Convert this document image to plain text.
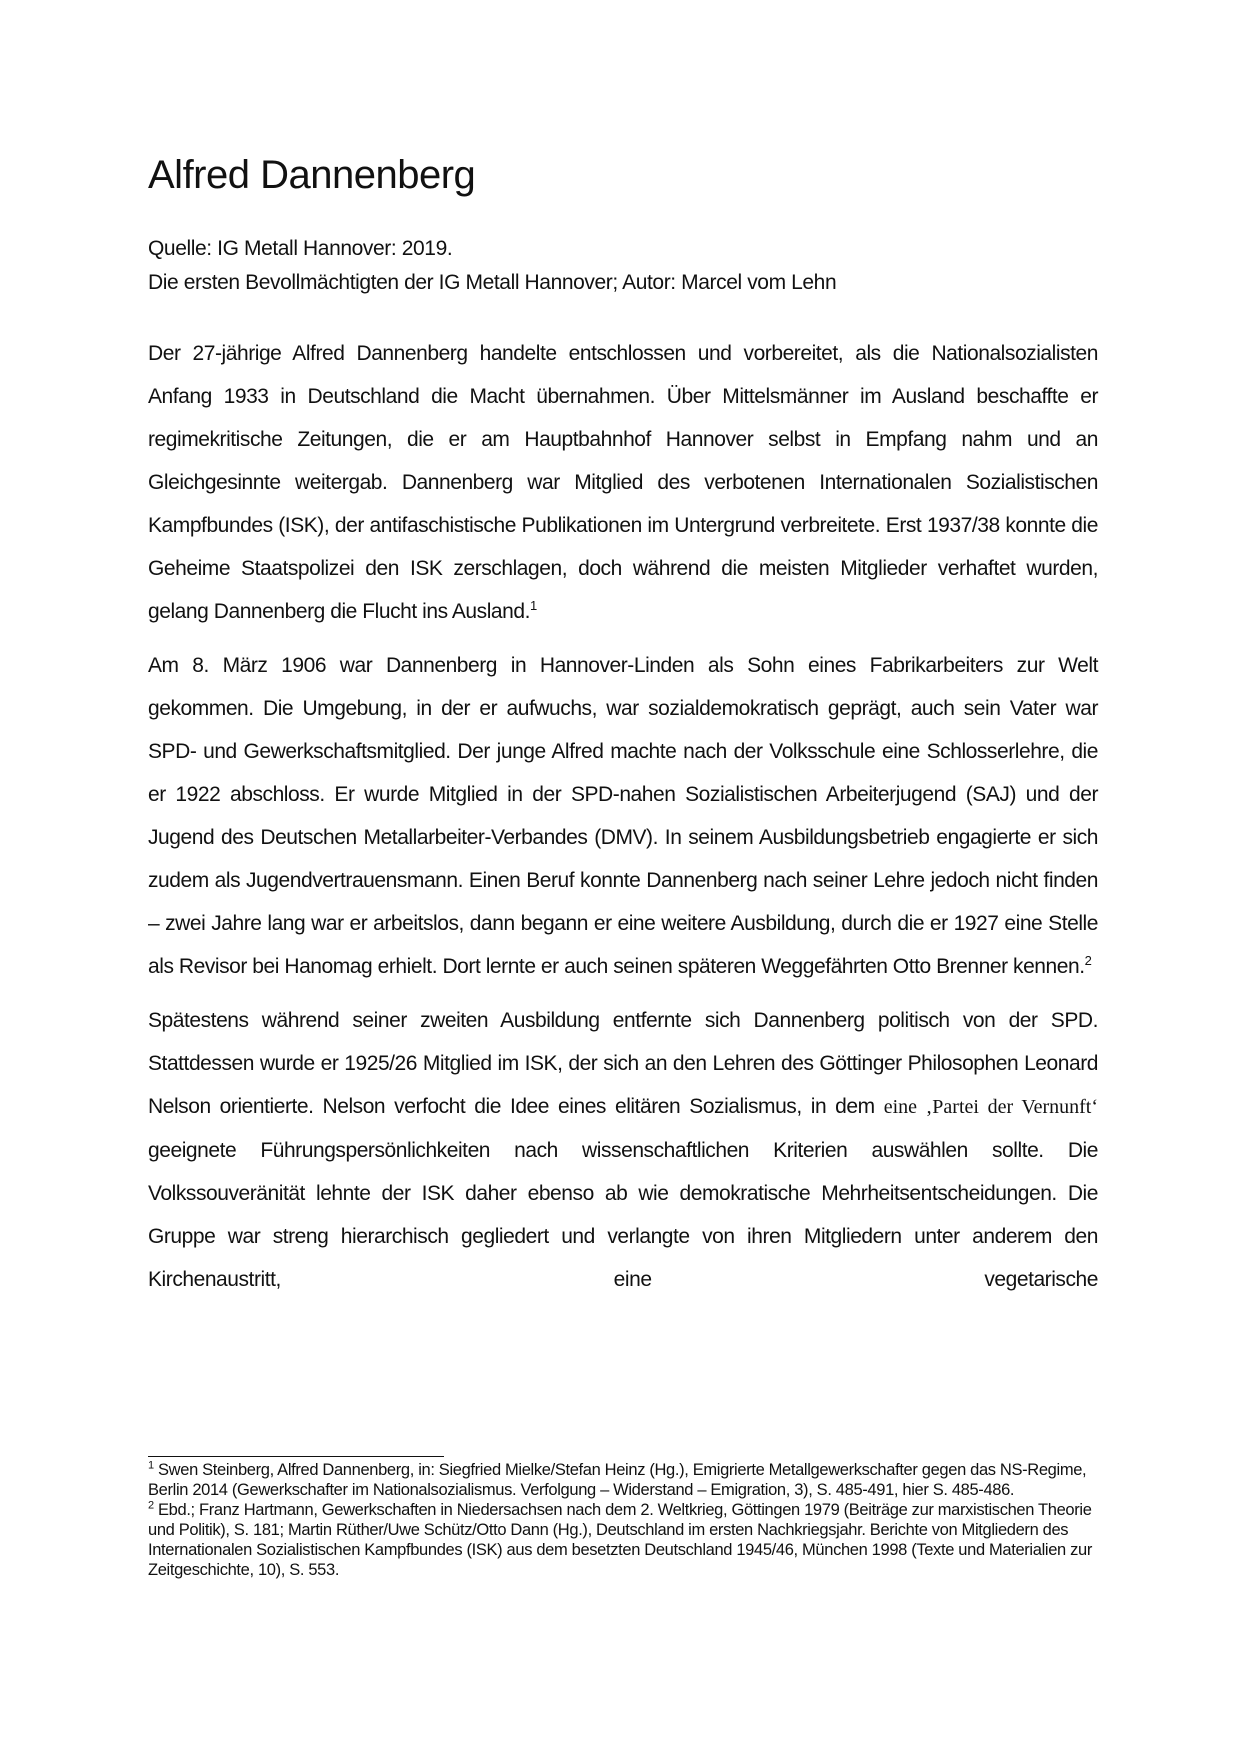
Alfred Dannenberg
Quelle: IG Metall Hannover: 2019.
Die ersten Bevollmächtigten der IG Metall Hannover; Autor: Marcel vom Lehn

Der 27-jährige Alfred Dannenberg handelte entschlossen und vorbereitet, als die Nationalsozialisten Anfang 1933 in Deutschland die Macht übernahmen. Über Mittelsmänner im Ausland beschaffte er regimekritische Zeitungen, die er am Hauptbahnhof Hannover selbst in Empfang nahm und an Gleichgesinnte weitergab. Dannenberg war Mitglied des verbotenen Internationalen Sozialistischen Kampfbundes (ISK), der antifaschistische Publikationen im Untergrund verbreitete. Erst 1937/38 konnte die Geheime Staatspolizei den ISK zerschlagen, doch während die meisten Mitglieder verhaftet wurden, gelang Dannenberg die Flucht ins Ausland.$^1$

Am 8. März 1906 war Dannenberg in Hannover-Linden als Sohn eines Fabrikarbeiters zur Welt gekommen. Die Umgebung, in der er aufwuchs, war sozialdemokratisch geprägt, auch sein Vater war SPD- und Gewerkschaftsmitglied. Der junge Alfred machte nach der Volksschule eine Schlosserlehre, die er 1922 abschloss. Er wurde Mitglied in der SPD-nahen Sozialistischen Arbeiterjugend (SAJ) und der Jugend des Deutschen Metallarbeiter-Verbandes (DMV). In seinem Ausbildungsbetrieb engagierte er sich zudem als Jugendvertrauensmann. Einen Beruf konnte Dannenberg nach seiner Lehre jedoch nicht finden – zwei Jahre lang war er arbeitslos, dann begann er eine weitere Ausbildung, durch die er 1927 eine Stelle als Revisor bei Hanomag erhielt. Dort lernte er auch seinen späteren Weggefährten Otto Brenner kennen.$^2$

Spätestens während seiner zweiten Ausbildung entfernte sich Dannenberg politisch von der SPD. Stattdessen wurde er 1925/26 Mitglied im ISK, der sich an den Lehren des Göttinger Philosophen Leonard Nelson orientierte. Nelson verfocht die Idee eines elitären Sozialismus, in dem eine ‚Partei der Vernunft‘ geeignete Führungspersönlichkeiten nach wissenschaftlichen Kriterien auswählen sollte. Die Volkssouveränität lehnte der ISK daher ebenso ab wie demokratische Mehrheitsentscheidungen. Die Gruppe war streng hierarchisch gegliedert und verlangte von ihren Mitgliedern unter anderem den Kirchenaustritt, eine vegetarische

$^1$ Swen Steinberg, Alfred Dannenberg, in: Siegfried Mielke/Stefan Heinz (Hg.), Emigrierte Metallgewerkschafter gegen das NS-Regime, Berlin 2014 (Gewerkschafter im Nationalsozialismus. Verfolgung – Widerstand – Emigration, 3), S. 485-491, hier S. 485-486.

$^2$ Ebd.; Franz Hartmann, Gewerkschaften in Niedersachsen nach dem 2. Weltkrieg, Göttingen 1979 (Beiträge zur marxistischen Theorie und Politik), S. 181; Martin Rüther/Uwe Schütz/Otto Dann (Hg.), Deutschland im ersten Nachkriegsjahr. Berichte von Mitgliedern des Internationalen Sozialistischen Kampfbundes (ISK) aus dem besetzten Deutschland 1945/46, München 1998 (Texte und Materialien zur Zeitgeschichte, 10), S. 553.
